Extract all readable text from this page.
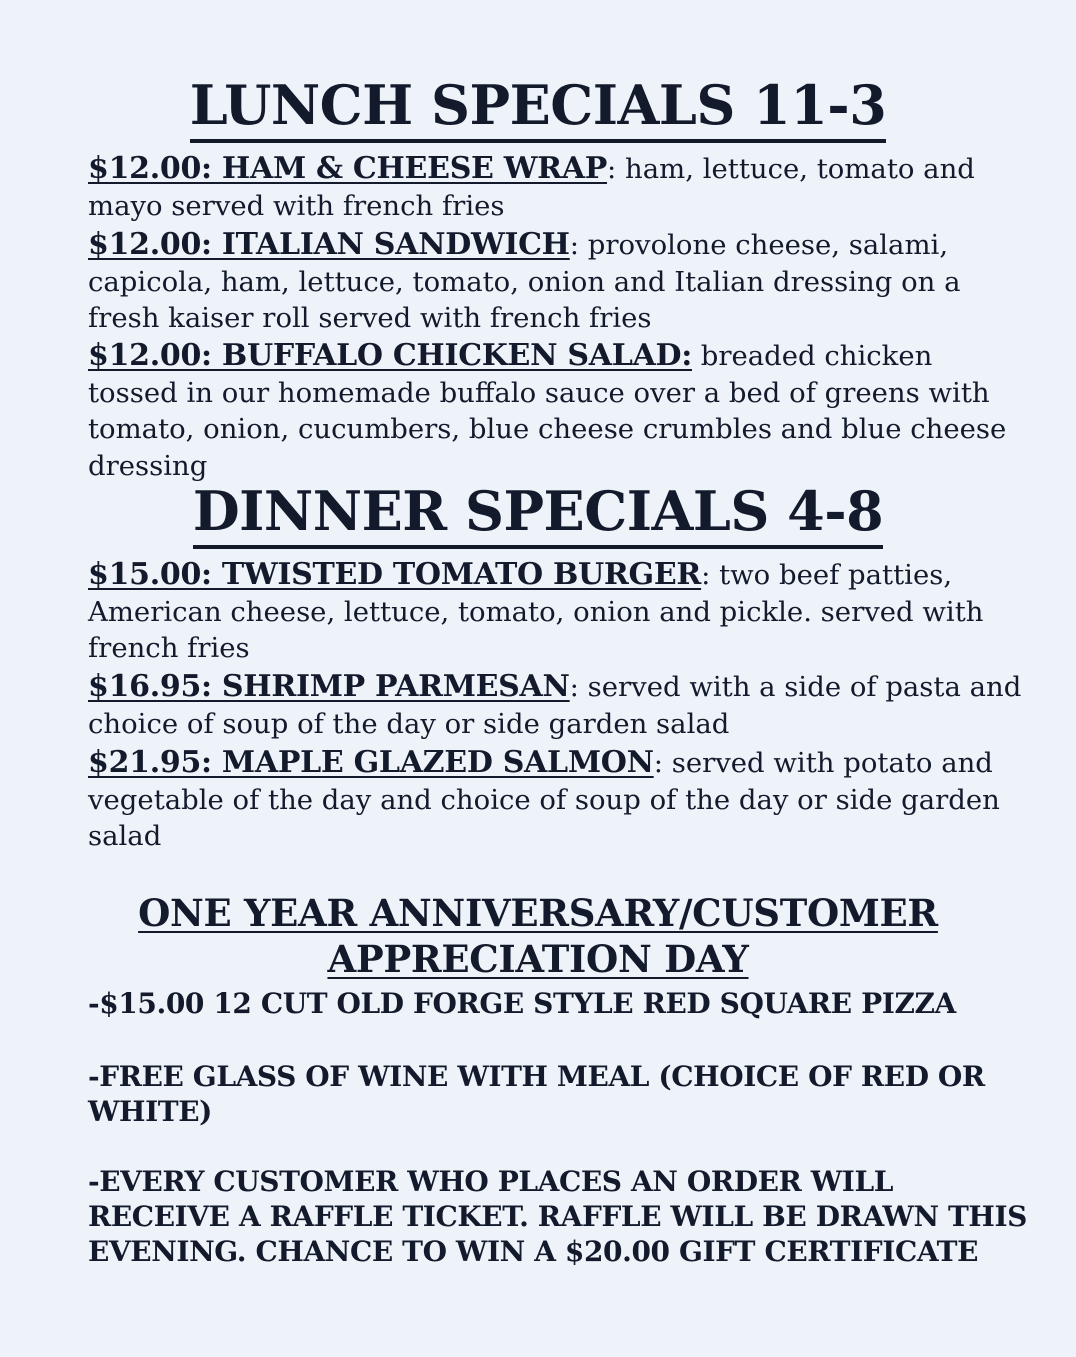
LUNCH SPECIALS 11-3
$12.00: HAM & CHEESE WRAP: ham, lettuce, tomato and mayo served with french fries
$12.00: ITALIAN SANDWICH: provolone cheese, salami, capicola, ham, lettuce, tomato, onion and Italian dressing on a fresh kaiser roll served with french fries
$12.00: BUFFALO CHICKEN SALAD: breaded chicken tossed in our homemade buffalo sauce over a bed of greens with tomato, onion, cucumbers, blue cheese crumbles and blue cheese dressing
DINNER SPECIALS 4-8
$15.00: TWISTED TOMATO BURGER: two beef patties, American cheese, lettuce, tomato, onion and pickle. served with french fries
$16.95: SHRIMP PARMESAN: served with a side of pasta and choice of soup of the day or side garden salad
$21.95: MAPLE GLAZED SALMON: served with potato and vegetable of the day and choice of soup of the day or side garden salad
ONE YEAR ANNIVERSARY/CUSTOMER
APPRECIATION DAY
-$15.00 12 CUT OLD FORGE STYLE RED SQUARE PIZZA
-FREE GLASS OF WINE WITH MEAL (CHOICE OF RED OR WHITE)
-EVERY CUSTOMER WHO PLACES AN ORDER WILL RECEIVE A RAFFLE TICKET. RAFFLE WILL BE DRAWN THIS EVENING. CHANCE TO WIN A $20.00 GIFT CERTIFICATE
